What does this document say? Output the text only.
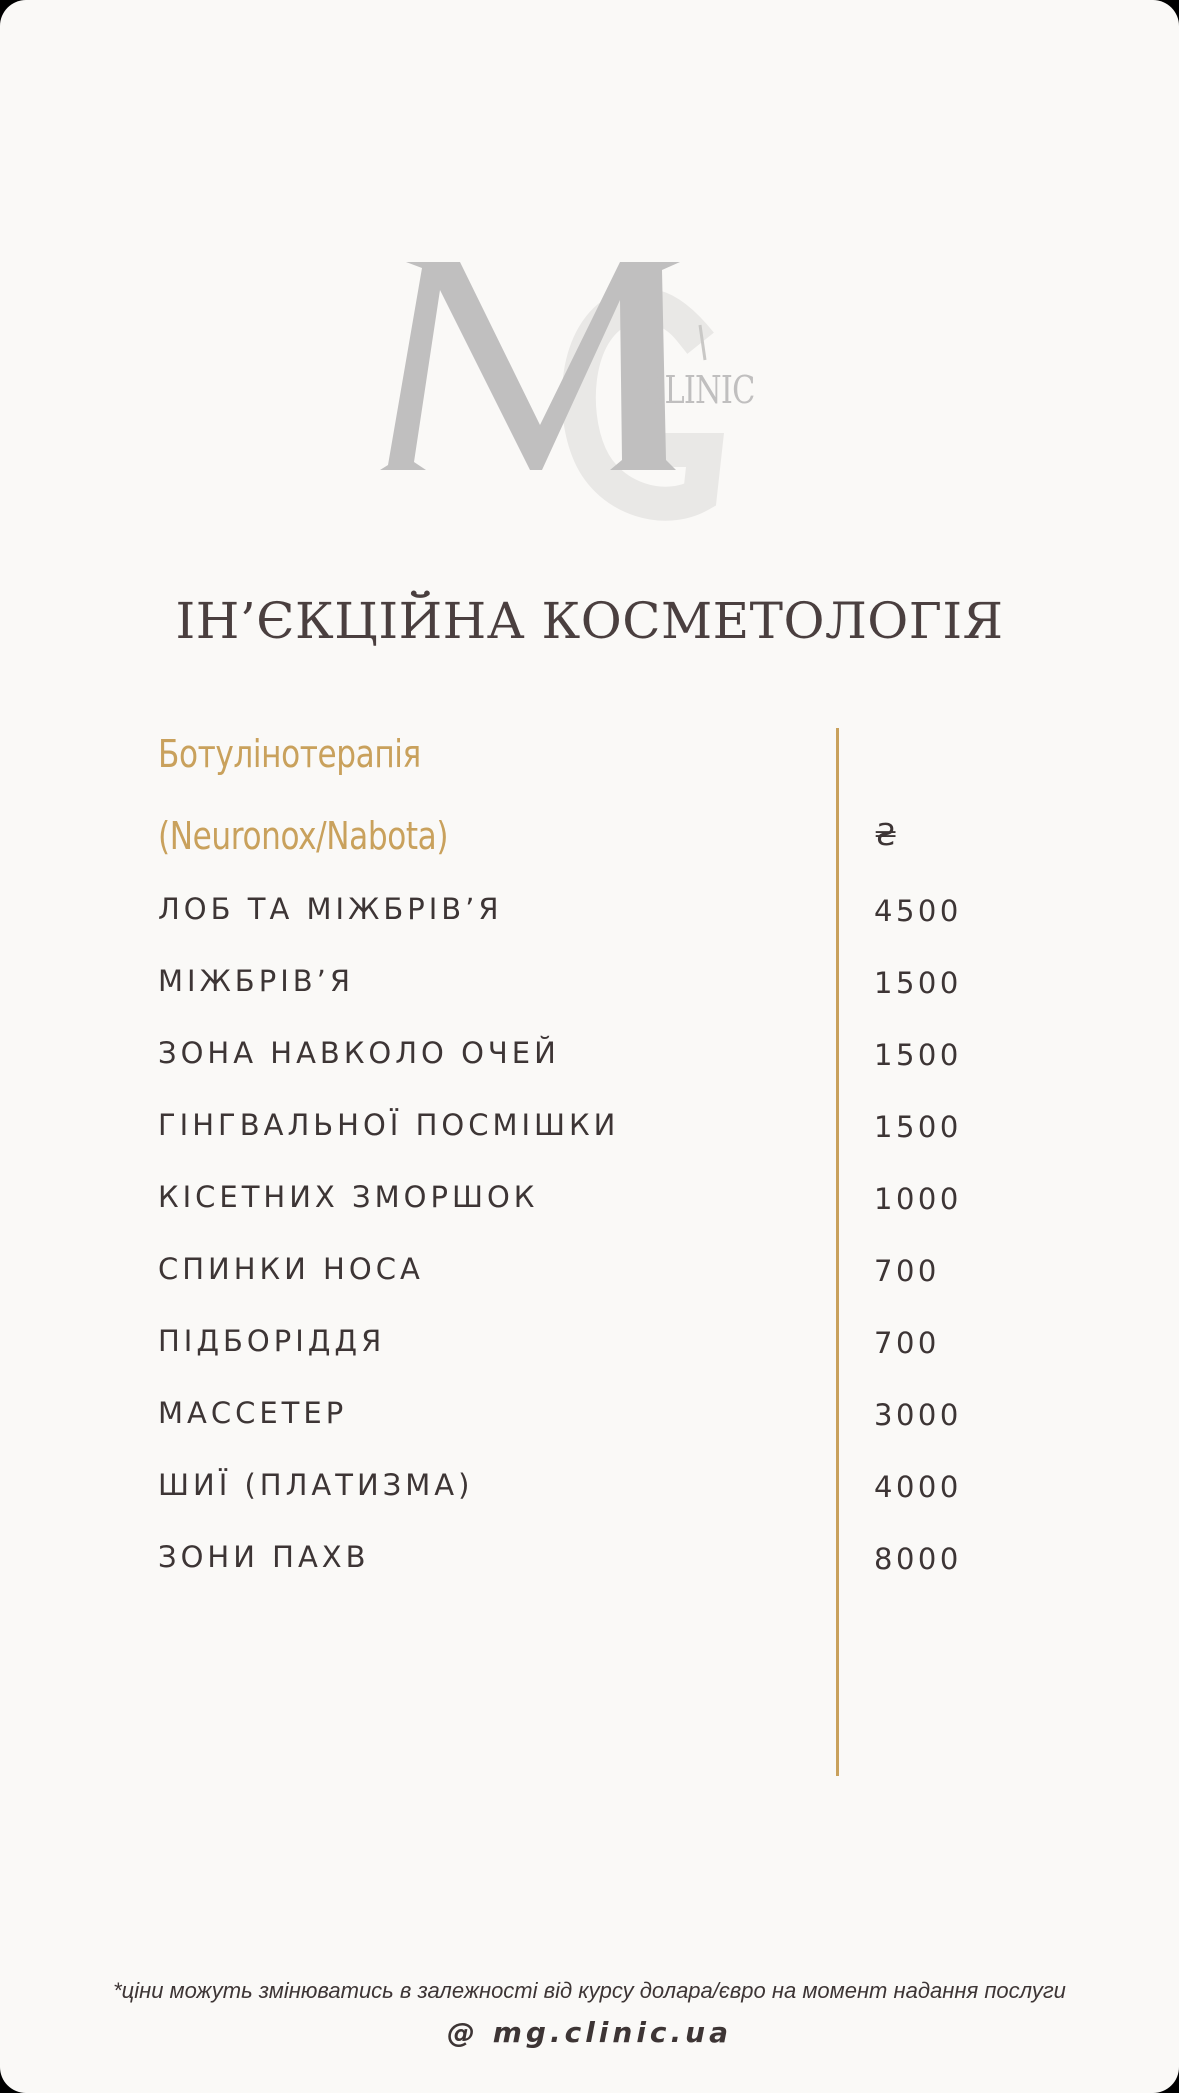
CLINIC
ІН’ЄКЦІЙНА КОСМЕТОЛОГІЯ
Ботулінотерапія
(Neuronox/Nabota)	₴
ЛОБ ТА МІЖБРІВ’Я	4500
МІЖБРІВ’Я	1500
ЗОНА НАВКОЛО ОЧЕЙ	1500
ГІНГВАЛЬНОЇ ПОСМІШКИ	1500
КІСЕТНИХ ЗМОРШОК	1000
СПИНКИ НОСА	700
ПІДБОРІДДЯ	700
МАССЕТЕР	3000
ШИЇ (ПЛАТИЗМА)	4000
ЗОНИ ПАХВ	8000
*ціни можуть змінюватись в залежності від курсу долара/євро на момент надання послуги
@ mg.clinic.ua
